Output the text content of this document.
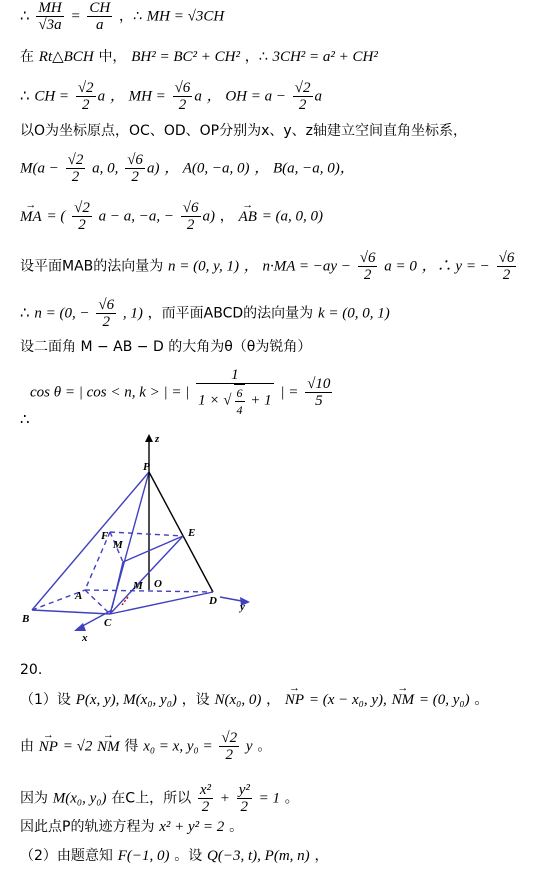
∴ $\frac{MH}{√3a} = \frac{CH}{a}$ ，∴ MH = √3CH
在 Rt△BCH 中， BH² = BC² + CH² ，∴ 3CH² = a² + CH²
∴ CH = $\frac{√2}{2}$ a ， MH = $\frac{√6}{2}$ a ， OH = $a - \frac{√2}{2}$ a
以O为坐标原点，OC、OD、OP分别为x、y、z轴建立空间直角坐标系，
$M(a - \frac{√2}{2} a$, 0, $\frac{√6}{2} a$) ， A(0, −a, 0) ， B(a, −a, 0)，
→ MA = ( $\frac{√2}{2}$ a − a, −a, − $\frac{√6}{2} a$) ， → AB = (a, 0, 0)
设平面MAB的法向量为 n = (0, y, 1) ， $n\cdot MA = -ay - \frac{√6}{2}$ a = 0 ，∴ y = − $\frac{√6}{2}$
∴ n = (0, − $\frac{√6}{2}$ , 1) ，而平面ABCD的法向量为 k = (0, 0, 1)
设二面角 M − AB − D 的大角为θ（θ为锐角）
cos θ = | cos < n, k > | = | $\frac{1}{1 \times √ \frac{6}{4} + 1}$ | = $\frac{√10}{5}$
∴
z
P
F
M
E
M O
A	D y
B	C
x
20.
（1）设 P(x, y), M(x₀, y₀) ，设 N(x₀, 0) ， → NP = (x − x₀, y), → NM = (0, y₀) 。
由 → NP = √2 → NM 得 x₀ = x, $y_0 = \frac{√2}{2}$ y 。
因为 M(x₀, y₀) 在C上，所以 $\frac{\text{x²}}{2} + \frac{\text{y²}}{2} = 1$ 。
因此点P的轨迹方程为 x² + y² = 2 。
（2）由题意知 F(−1, 0) 。设 Q(−3, t), P(m, n) ，
